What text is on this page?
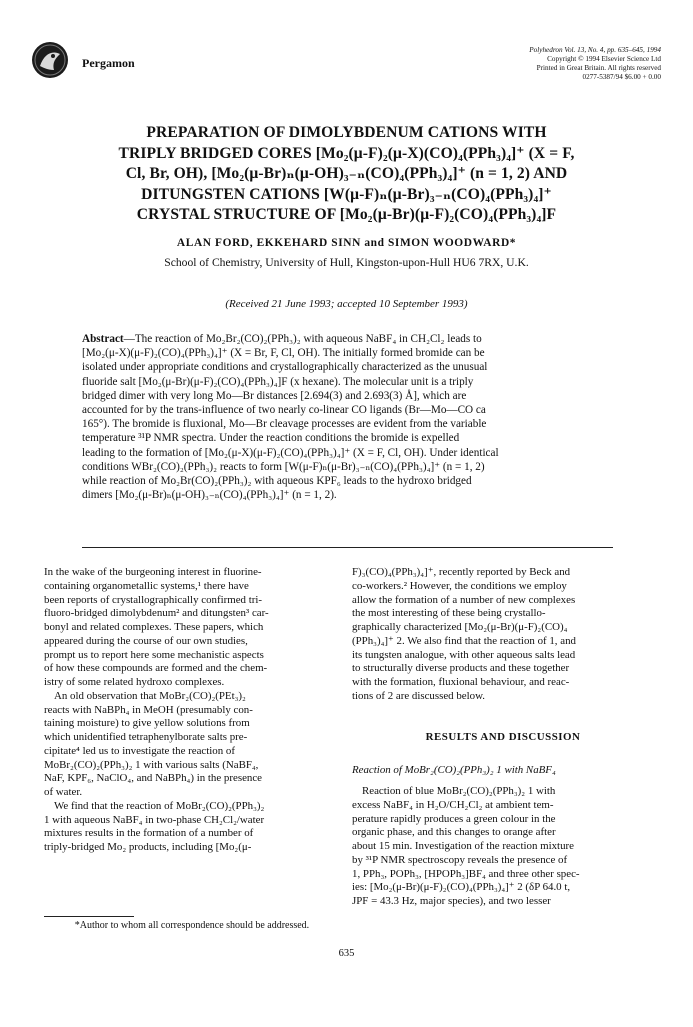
Pergamon
Polyhedron Vol. 13, No. 4, pp. 635–645, 1994
Copyright © 1994 Elsevier Science Ltd
Printed in Great Britain. All rights reserved
0277-5387/94 $6.00 + 0.00
PREPARATION OF DIMOLYBDENUM CATIONS WITH
TRIPLY BRIDGED CORES [Mo₂(μ-F)₂(μ-X)(CO)₄(PPh₃)₄]⁺ (X = F,
Cl, Br, OH), [Mo₂(μ-Br)ₙ(μ-OH)₃₋ₙ(CO)₄(PPh₃)₄]⁺ (n = 1, 2) AND
DITUNGSTEN CATIONS [W(μ-F)ₙ(μ-Br)₃₋ₙ(CO)₄(PPh₃)₄]⁺
CRYSTAL STRUCTURE OF [Mo₂(μ-Br)(μ-F)₂(CO)₄(PPh₃)₄]F
ALAN FORD, EKKEHARD SINN and SIMON WOODWARD*
School of Chemistry, University of Hull, Kingston-upon-Hull HU6 7RX, U.K.
(Received 21 June 1993; accepted 10 September 1993)
Abstract—The reaction of Mo₂Br₂(CO)₂(PPh₃)₂ with aqueous NaBF₄ in CH₂Cl₂ leads to
[Mo₂(μ-X)(μ-F)₂(CO)₄(PPh₃)₄]⁺ (X = Br, F, Cl, OH). The initially formed bromide can be
isolated under appropriate conditions and crystallographically characterized as the unusual
fluoride salt [Mo₂(μ-Br)(μ-F)₂(CO)₄(PPh₃)₄]F (x hexane). The molecular unit is a triply
bridged dimer with very long Mo—Br distances [2.694(3) and 2.693(3) Å], which are
accounted for by the trans-influence of two nearly co-linear CO ligands (Br—Mo—CO ca
165°). The bromide is fluxional, Mo—Br cleavage processes are evident from the variable
temperature ³¹P NMR spectra. Under the reaction conditions the bromide is expelled
leading to the formation of [Mo₂(μ-X)(μ-F)₂(CO)₄(PPh₃)₄]⁺ (X = F, Cl, OH). Under identical
conditions WBr₂(CO)₂(PPh₃)₂ reacts to form [W(μ-F)ₙ(μ-Br)₃₋ₙ(CO)₄(PPh₃)₄]⁺ (n = 1, 2)
while reaction of Mo₂Br(CO)₂(PPh₃)₂ with aqueous KPF₆ leads to the hydroxo bridged
dimers [Mo₂(μ-Br)ₙ(μ-OH)₃₋ₙ(CO)₄(PPh₃)₄]⁺ (n = 1, 2).
In the wake of the burgeoning interest in fluorine-
containing organometallic systems,¹ there have
been reports of crystallographically confirmed tri-
fluoro-bridged dimolybdenum² and ditungsten³ car-
bonyl and related complexes. These papers, which
appeared during the course of our own studies,
prompt us to report here some mechanistic aspects
of how these compounds are formed and the chem-
istry of some related hydroxo complexes.
An old observation that MoBr₂(CO)₂(PEt₃)₂
reacts with NaBPh₄ in MeOH (presumably con-
taining moisture) to give yellow solutions from
which unidentified tetraphenylborate salts pre-
cipitate⁴ led us to investigate the reaction of
MoBr₂(CO)₂(PPh₃)₂ 1 with various salts (NaBF₄,
NaF, KPF₆, NaClO₄, and NaBPh₄) in the presence
of water.
We find that the reaction of MoBr₂(CO)₂(PPh₃)₂
1 with aqueous NaBF₄ in two-phase CH₂Cl₂/water
mixtures results in the formation of a number of
triply-bridged Mo₂ products, including [Mo₂(μ-
F)₃(CO)₄(PPh₃)₄]⁺, recently reported by Beck and
co-workers.² However, the conditions we employ
allow the formation of a number of new complexes
the most interesting of these being crystallo-
graphically characterized [Mo₂(μ-Br)(μ-F)₂(CO)₄
(PPh₃)₄]⁺ 2. We also find that the reaction of 1, and
its tungsten analogue, with other aqueous salts lead
to structurally diverse products and these together
with the formation, fluxional behaviour, and reac-
tions of 2 are discussed below.
RESULTS AND DISCUSSION
Reaction of MoBr₂(CO)₂(PPh₃)₂ 1 with NaBF₄
Reaction of blue MoBr₂(CO)₂(PPh₃)₂ 1 with
excess NaBF₄ in H₂O/CH₂Cl₂ at ambient tem-
perature rapidly produces a green colour in the
organic phase, and this changes to orange after
about 15 min. Investigation of the reaction mixture
by ³¹P NMR spectroscopy reveals the presence of
1, PPh₃, POPh₃, [HPOPh₃]BF₄ and three other spec-
ies: [Mo₂(μ-Br)(μ-F)₂(CO)₄(PPh₃)₄]⁺ 2 (δP 64.0 t,
JPF = 43.3 Hz, major species), and two lesser
*Author to whom all correspondence should be addressed.
635
